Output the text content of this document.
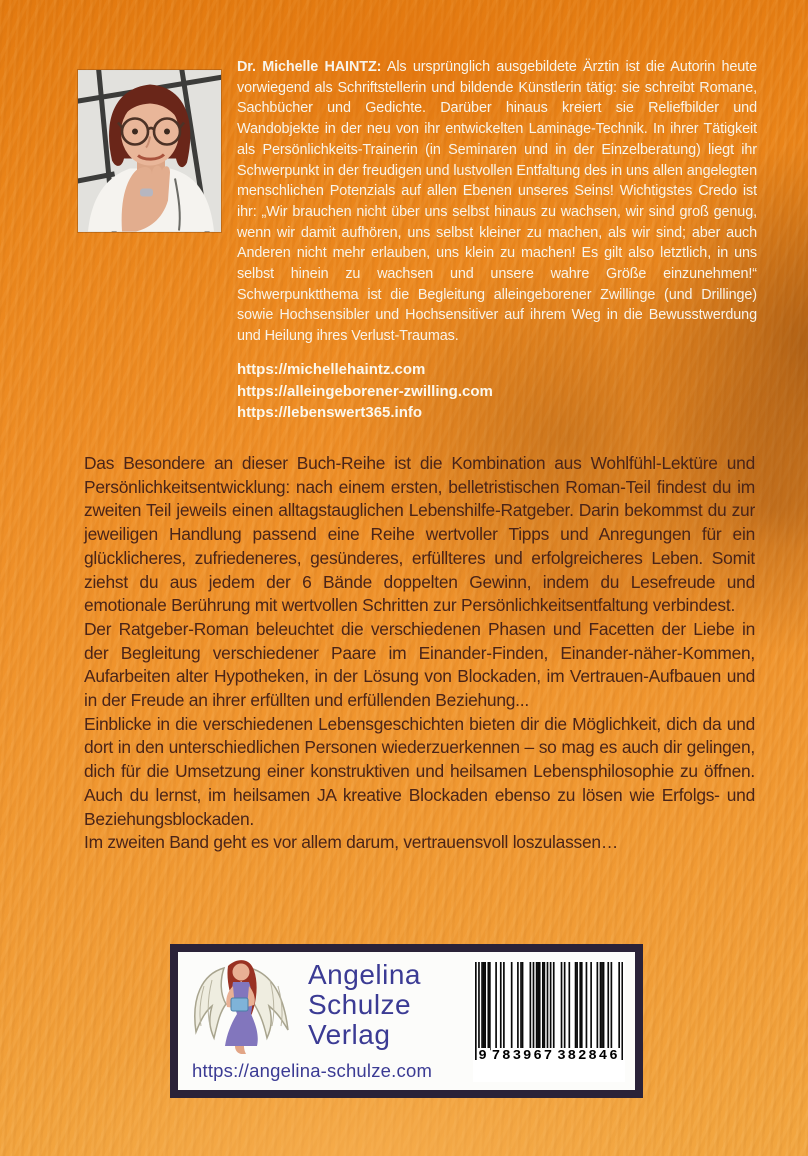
Dr. Michelle HAINTZ: Als ursprünglich ausgebildete Ärztin ist die Autorin heute vorwiegend als Schriftstellerin und bildende Künstlerin tätig: sie schreibt Romane, Sachbücher und Gedichte. Darüber hinaus kreiert sie Reliefbilder und Wandobjekte in der neu von ihr entwickelten Laminage-Technik. In ihrer Tätigkeit als Persönlichkeits-Trainerin (in Seminaren und in der Einzelberatung) liegt ihr Schwerpunkt in der freudigen und lustvollen Entfaltung des in uns allen angelegten menschlichen Potenzials auf allen Ebenen unseres Seins! Wichtigstes Credo ist ihr: „Wir brauchen nicht über uns selbst hinaus zu wachsen, wir sind groß genug, wenn wir damit aufhören, uns selbst kleiner zu machen, als wir sind; aber auch Anderen nicht mehr erlauben, uns klein zu machen! Es gilt also letztlich, in uns selbst hinein zu wachsen und unsere wahre Größe einzunehmen!“ Schwerpunktthema ist die Begleitung alleingeborener Zwillinge (und Drillinge) sowie Hochsensibler und Hochsensitiver auf ihrem Weg in die Bewusstwerdung und Heilung ihres Verlust-Traumas.

https://michellehaintz.com
https://alleingeborener-zwilling.com
https://lebenswert365.info

Das Besondere an dieser Buch-Reihe ist die Kombination aus Wohlfühl-Lektüre und Persönlichkeitsentwicklung: nach einem ersten, belletristischen Roman-Teil findest du im zweiten Teil jeweils einen alltagstauglichen Lebenshilfe-Ratgeber. Darin bekommst du zur jeweiligen Handlung passend eine Reihe wertvoller Tipps und Anregungen für ein glücklicheres, zufriedeneres, gesünderes, erfüllteres und erfolgreicheres Leben. Somit ziehst du aus jedem der 6 Bände doppelten Gewinn, indem du Lesefreude und emotionale Berührung mit wertvollen Schritten zur Persönlichkeitsentfaltung verbindest.

Der Ratgeber-Roman beleuchtet die verschiedenen Phasen und Facetten der Liebe in der Begleitung verschiedener Paare im Einander-Finden, Einander-näher-Kommen, Aufarbeiten alter Hypotheken, in der Lösung von Blockaden, im Vertrauen-Aufbauen und in der Freude an ihrer erfüllten und erfüllenden Beziehung...

Einblicke in die verschiedenen Lebensgeschichten bieten dir die Möglichkeit, dich da und dort in den unterschiedlichen Personen wiederzuerkennen – so mag es auch dir gelingen, dich für die Umsetzung einer konstruktiven und heilsamen Lebensphilosophie zu öffnen. Auch du lernst, im heilsamen JA kreative Blockaden ebenso zu lösen wie Erfolgs- und Beziehungsblockaden.

Im zweiten Band geht es vor allem darum, vertrauensvoll loszulassen…

Angelina
Schulze
Verlag
https://angelina-schulze.com
9 783967 382846
